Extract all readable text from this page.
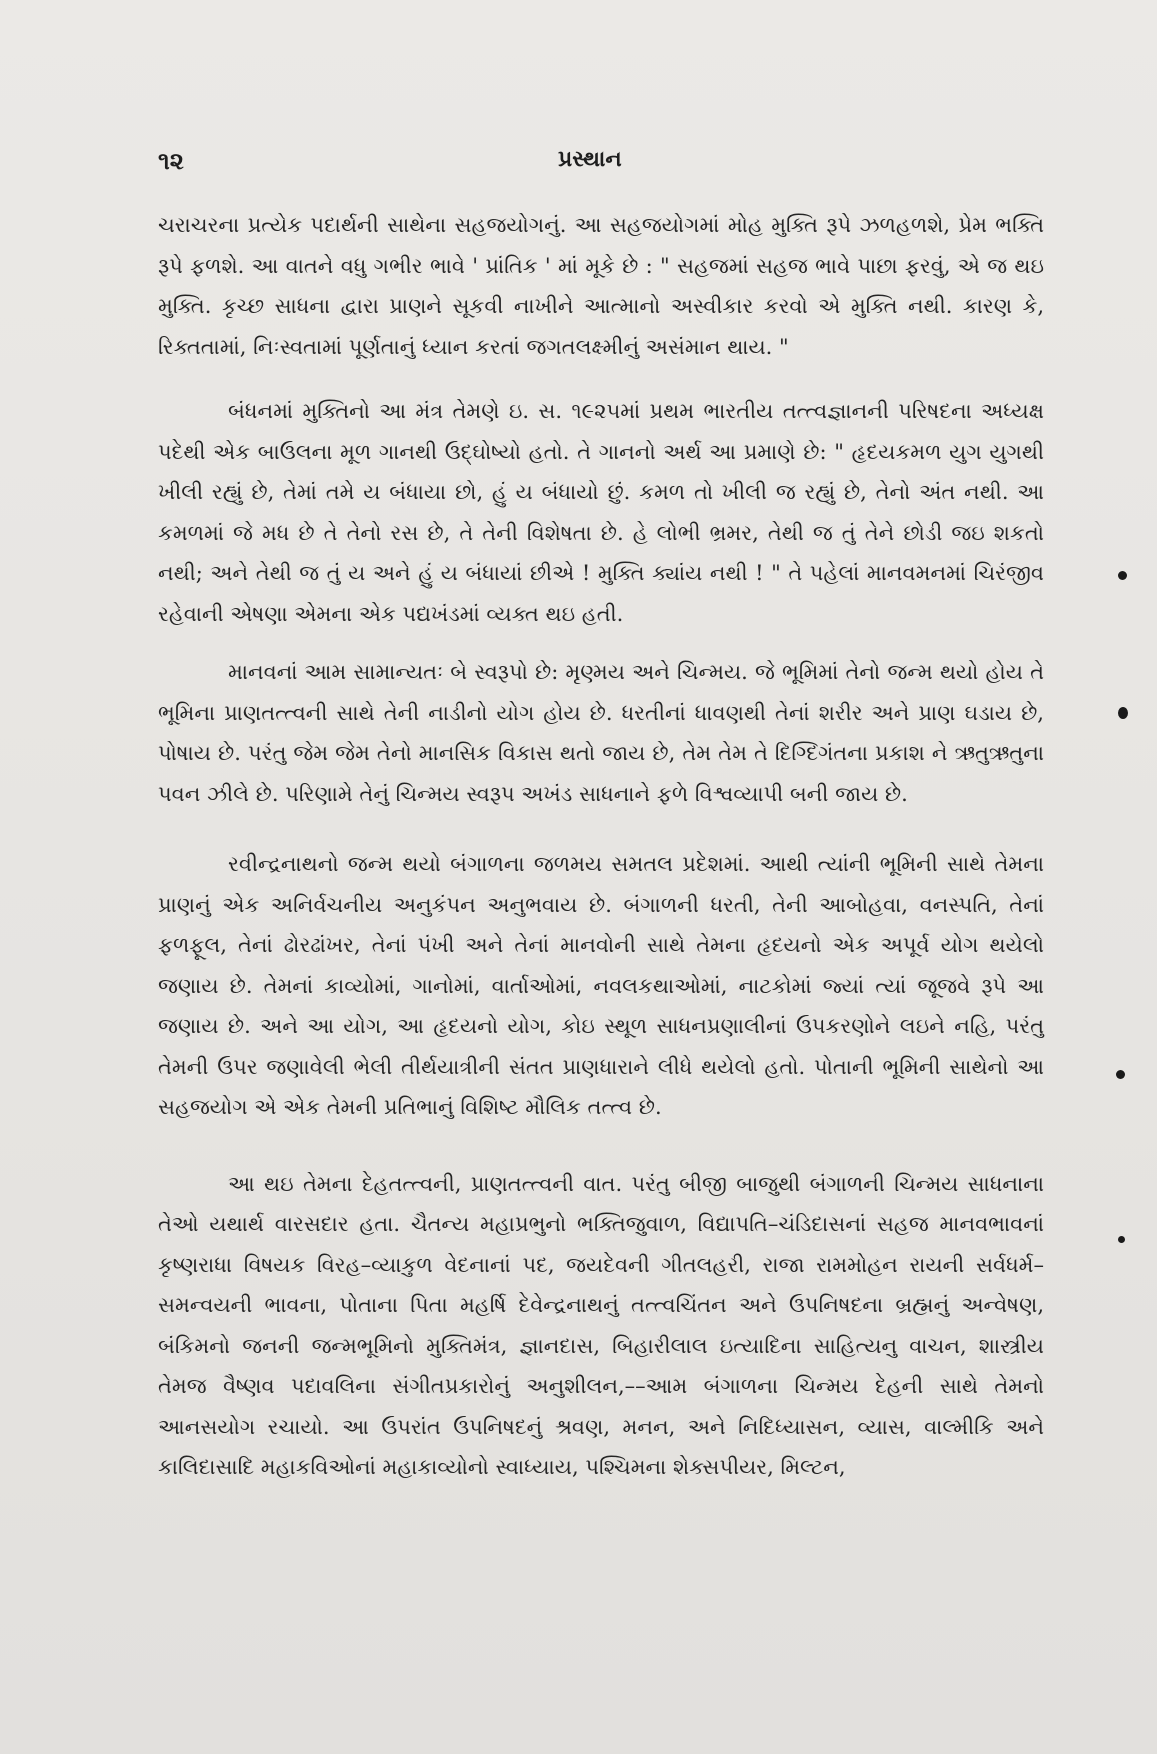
૧૨	પ્રસ્થાન

ચરાચરના પ્રત્યેક પદાર્થની સાથેના સહજયોગનું. આ સહજયોગમાં મોહ મુક્તિ રૂપે ઝળહળશે, પ્રેમ ભક્તિ રૂપે ફળશે. આ વાતને વધુ ગભીર ભાવે ' પ્રાંતિક ' માં મૂકે છે : " સહજમાં સહજ ભાવે પાછા ફરવું, એ જ થઇ મુક્તિ. કૃચ્છ સાધના દ્વારા પ્રાણને સૂકવી નાખીને આત્માનો અસ્વીકાર કરવો એ મુક્તિ નથી. કારણ કે, રિક્તતામાં, નિઃસ્વતામાં પૂર્ણતાનું ધ્યાન કરતાં જગતલક્ષ્મીનું અસંમાન થાય. "

બંધનમાં મુક્તિનો આ મંત્ર તેમણે ઇ. સ. ૧૯૨૫માં પ્રથમ ભારતીય તત્ત્વજ્ઞાનની પરિષદના અધ્યક્ષ પદેથી એક બાઉલના મૂળ ગાનથી ઉદ્‌ઘોષ્યો હતો. તે ગાનનો અર્થ આ પ્રમાણે છે: " હૃદયકમળ યુગ યુગથી ખીલી રહ્યું છે, તેમાં તમે ય બંધાયા છો, હું ય બંધાયો છું. કમળ તો ખીલી જ રહ્યું છે, તેનો અંત નથી. આ કમળમાં જે મધ છે તે તેનો રસ છે, તે તેની વિશેષતા છે. હે લોભી ભ્રમર, તેથી જ તું તેને છોડી જઇ શકતો નથી; અને તેથી જ તું ય અને હું ય બંધાયાં છીએ ! મુક્તિ ક્યાંય નથી ! " તે પહેલાં માનવમનમાં ચિરંજીવ રહેવાની એષણા એમના એક પદ્યખંડમાં વ્યક્ત થઇ હતી.

માનવનાં આમ સામાન્યતઃ બે સ્વરૂપો છે: મૃણ્મય અને ચિન્મય. જે ભૂમિમાં તેનો જન્મ થયો હોય તે ભૂમિના પ્રાણતત્ત્વની સાથે તેની નાડીનો યોગ હોય છે. ધરતીનાં ધાવણથી તેનાં શરીર અને પ્રાણ ઘડાય છે, પોષાય છે. પરંતુ જેમ જેમ તેનો માનસિક વિકાસ થતો જાય છે, તેમ તેમ તે દિગ્દિગંતના પ્રકાશ ને ઋતુઋતુના પવન ઝીલે છે. પરિણામે તેનું ચિન્મય સ્વરૂપ અખંડ સાધનાને ફળે વિશ્વવ્યાપી બની જાય છે.

રવીન્દ્રનાથનો જન્મ થયો બંગાળના જળમય સમતલ પ્રદેશમાં. આથી ત્યાંની ભૂમિની સાથે તેમના પ્રાણનું એક અનિર્વચનીય અનુકંપન અનુભવાય છે. બંગાળની ધરતી, તેની આબોહવા, વનસ્પતિ, તેનાં ફળફૂલ, તેનાં ઢોરઢાંખર, તેનાં પંખી અને તેનાં માનવોની સાથે તેમના હૃદયનો એક અપૂર્વ યોગ થયેલો જણાય છે. તેમનાં કાવ્યોમાં, ગાનોમાં, વાર્તાઓમાં, નવલકથાઓમાં, નાટકોમાં જ્યાં ત્યાં જૂજવે રૂપે આ જણાય છે. અને આ યોગ, આ હૃદયનો યોગ, કોઇ સ્થૂળ સાધનપ્રણાલીનાં ઉપકરણોને લઇને નહિ, પરંતુ તેમની ઉપર જણાવેલી ભેલી તીર્થયાત્રીની સંતત પ્રાણધારાને લીધે થયેલો હતો. પોતાની ભૂમિની સાથેનો આ સહજયોગ એ એક તેમની પ્રતિભાનું વિશિષ્ટ મૌલિક તત્ત્વ છે.

આ થઇ તેમના દેહતત્ત્વની, પ્રાણતત્ત્વની વાત. પરંતુ બીજી બાજુથી બંગાળની ચિન્મય સાધનાના તેઓ યથાર્થ વારસદાર હતા. ચૈતન્ય મહાપ્રભુનો ભક્તિજુવાળ, વિદ્યાપતિ–ચંડિદાસનાં સહજ માનવભાવનાં કૃષ્ણરાધા વિષયક વિરહ–વ્યાકુળ વેદનાનાં પદ, જયદેવની ગીતલહરી, રાજા રામમોહન રાયની સર્વધર્મ–સમન્વયની ભાવના, પોતાના પિતા મહર્ષિ દેવેન્દ્રનાથનું તત્ત્વચિંતન અને ઉપનિષદના બ્રહ્મનું અન્વેષણ, બંકિમનો જનની જન્મભૂમિનો મુક્તિમંત્ર, જ્ઞાનદાસ, બિહારીલાલ ઇત્યાદિના સાહિત્યનુ વાચન, શાસ્ત્રીય તેમજ વૈષ્ણવ પદાવલિના સંગીતપ્રકારોનું અનુશીલન,––આમ બંગાળના ચિન્મય દેહની સાથે તેમનો આનસયોગ રચાયો. આ ઉપરાંત ઉપનિષદનું શ્રવણ, મનન, અને નિદિધ્યાસન, વ્યાસ, વાલ્મીકિ અને કાલિદાસાદિ મહાકવિઓનાં મહાકાવ્યોનો સ્વાધ્યાય, પશ્ચિમના શેક્સપીયર, મિલ્ટન,
